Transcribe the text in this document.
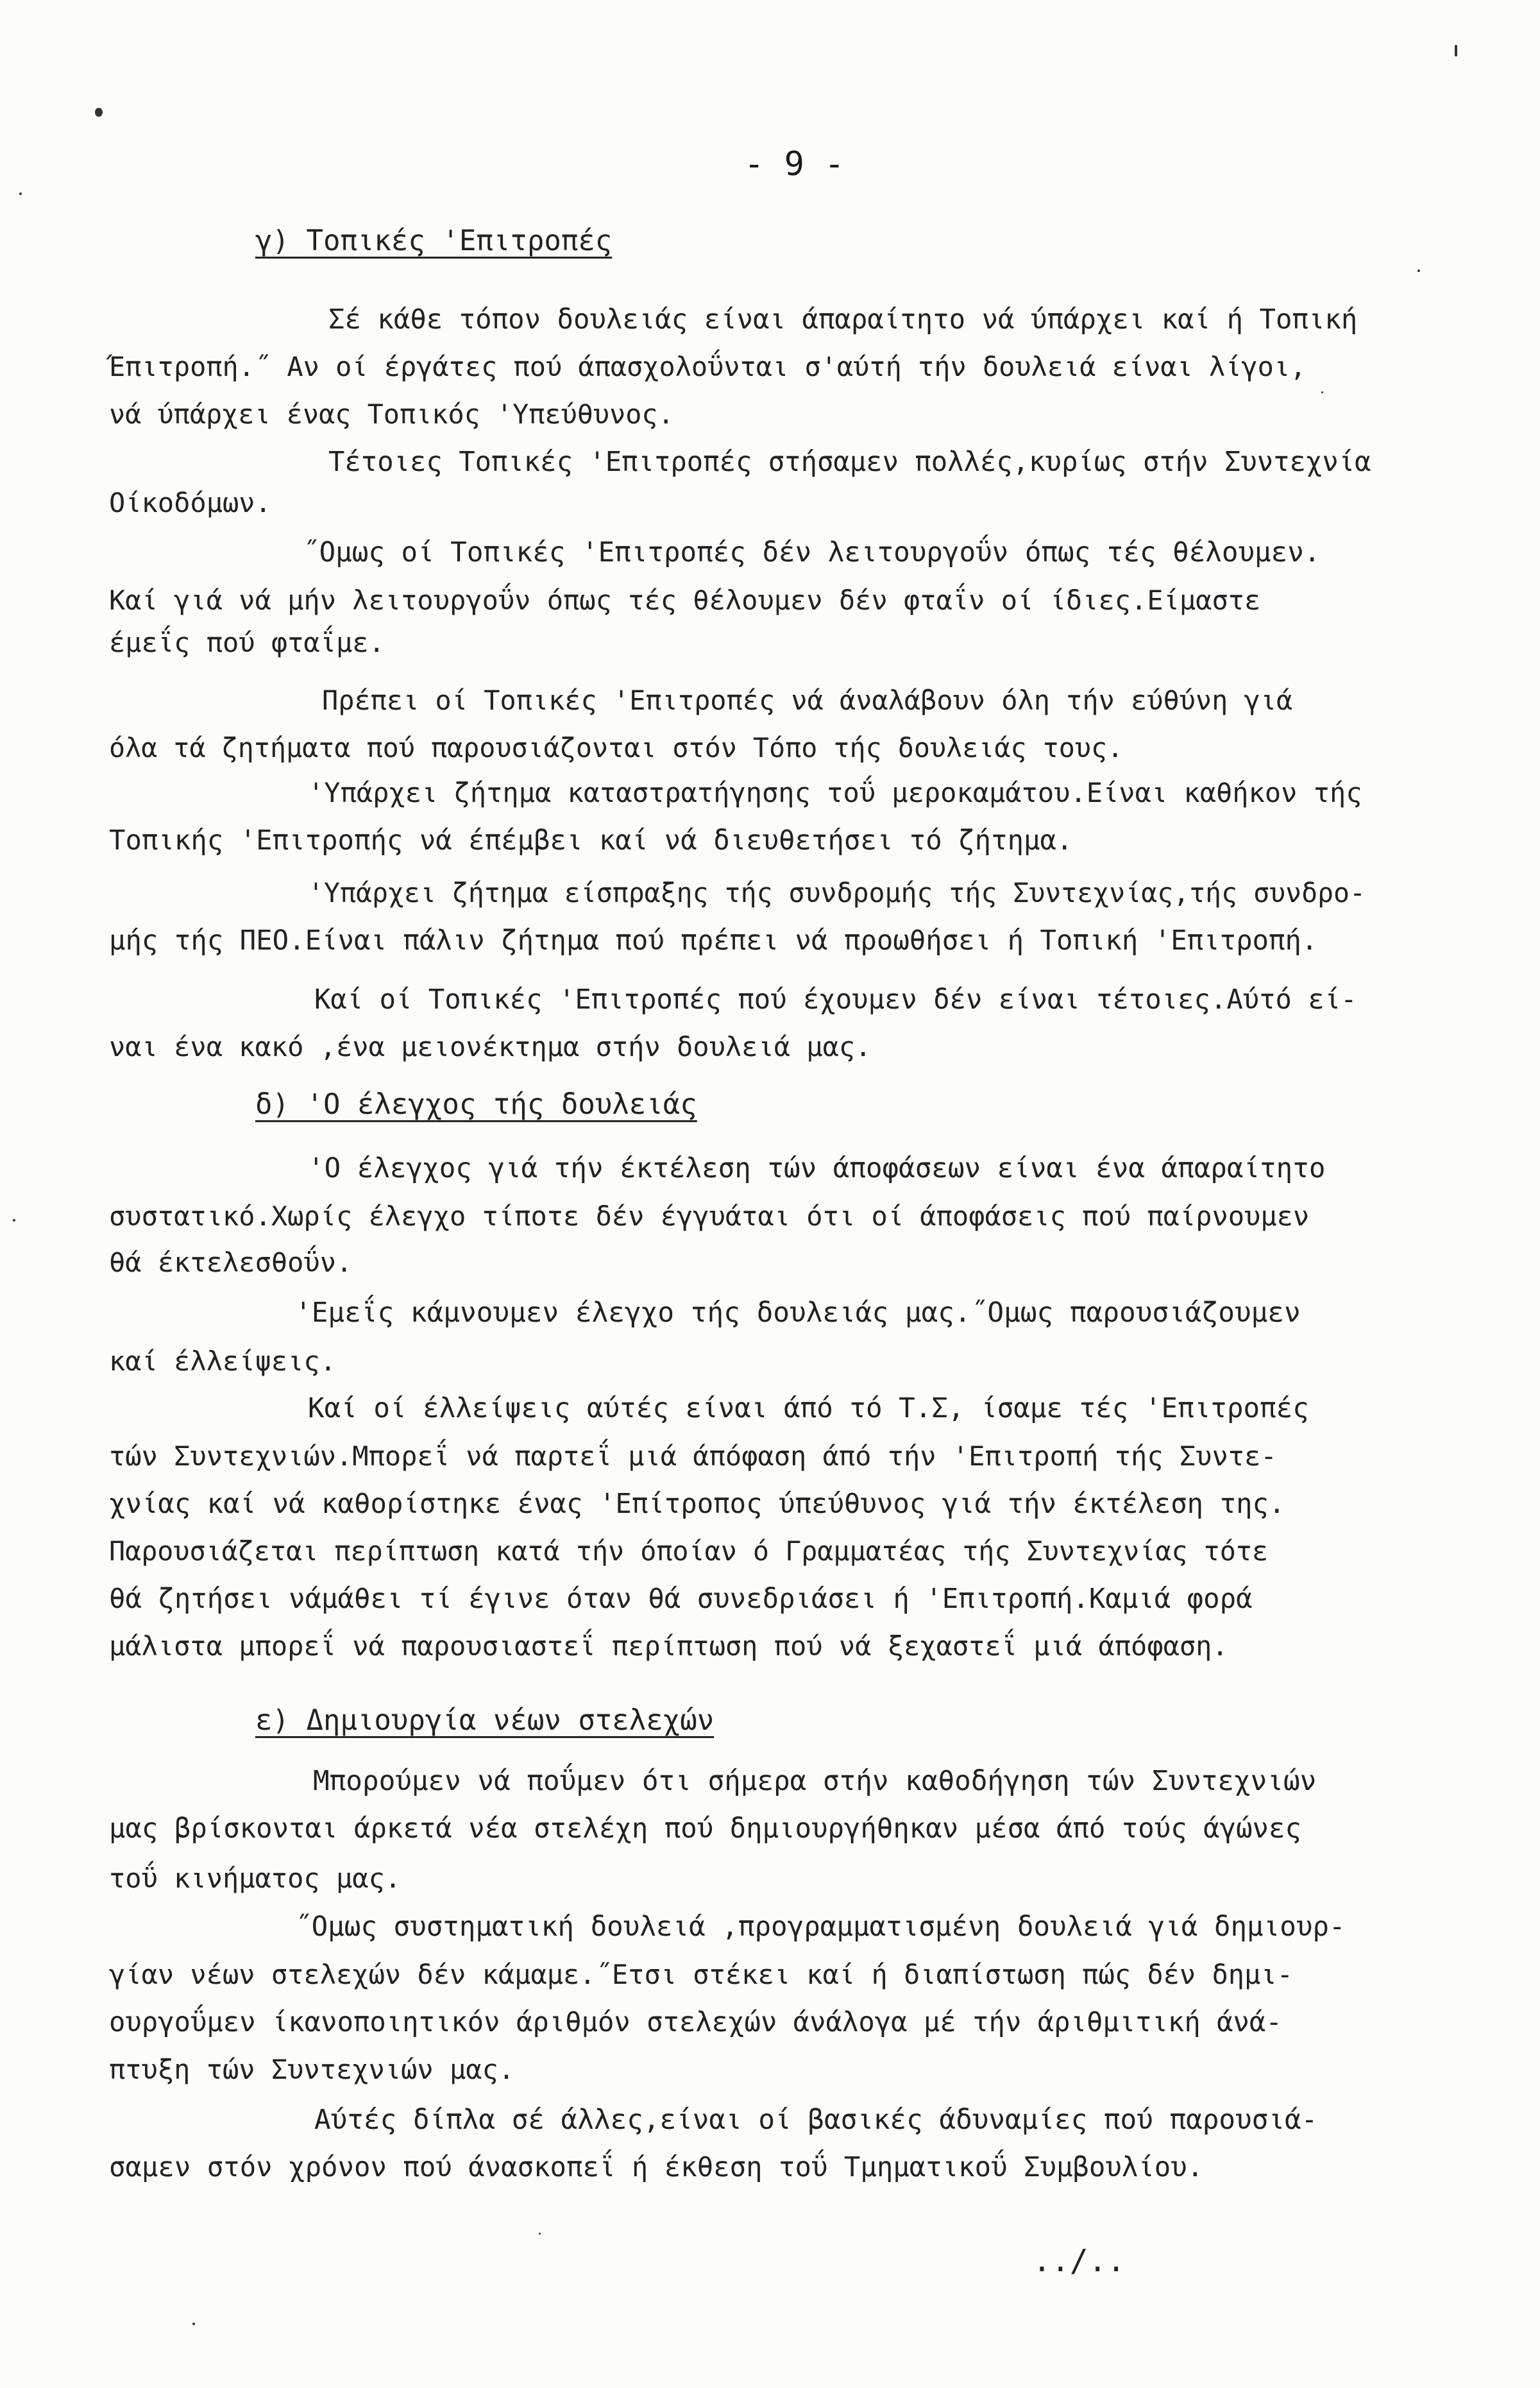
- 9 -
γ) Τοπικές 'Επιτροπές
Σέ κάθε τόπον δουλειάς είναι άπαραίτητο νά ύπάρχει καί ή Τοπική
Έπιτροπή.˝ Αν οί έργάτες πού άπασχολοΰνται σ'αύτή τήν δουλειά είναι λίγοι,
νά ύπάρχει ένας Τοπικός 'Υπεύθυνος.
Τέτοιες Τοπικές 'Επιτροπές στήσαμεν πολλές,κυρίως στήν Συντεχνία
Οίκοδόμων.
˝Ομως οί Τοπικές 'Επιτροπές δέν λειτουργοΰν όπως τές θέλουμεν.
Καί γιά νά μήν λειτουργοΰν όπως τές θέλουμεν δέν φταΐν οί ίδιες.Είμαστε
έμεΐς πού φταΐμε.
Πρέπει οί Τοπικές 'Επιτροπές νά άναλάβουν όλη τήν εύθύνη γιά
όλα τά ζητήματα πού παρουσιάζονται στόν Τόπο τής δουλειάς τους.
'Υπάρχει ζήτημα καταστρατήγησης τοΰ μεροκαμάτου.Είναι καθήκον τής
Τοπικής 'Επιτροπής νά έπέμβει καί νά διευθετήσει τό ζήτημα.
'Υπάρχει ζήτημα είσπραξης τής συνδρομής τής Συντεχνίας,τής συνδρο-
μής τής ΠΕΟ.Είναι πάλιν ζήτημα πού πρέπει νά προωθήσει ή Τοπική 'Επιτροπή.
Καί οί Τοπικές 'Επιτροπές πού έχουμεν δέν είναι τέτοιες.Αύτό εί-
ναι ένα κακό ,ένα μειονέκτημα στήν δουλειά μας.
δ) 'Ο έλεγχος τής δουλειάς
'Ο έλεγχος γιά τήν έκτέλεση τών άποφάσεων είναι ένα άπαραίτητο
συστατικό.Χωρίς έλεγχο τίποτε δέν έγγυάται ότι οί άποφάσεις πού παίρνουμεν
θά έκτελεσθοΰν.
'Εμεΐς κάμνουμεν έλεγχο τής δουλειάς μας.˝Ομως παρουσιάζουμεν
καί έλλείψεις.
Καί οί έλλείψεις αύτές είναι άπό τό Τ.Σ, ίσαμε τές 'Επιτροπές
τών Συντεχνιών.Μπορεΐ νά παρτεΐ μιά άπόφαση άπό τήν 'Επιτροπή τής Συντε-
χνίας καί νά καθορίστηκε ένας 'Επίτροπος ύπεύθυνος γιά τήν έκτέλεση της.
Παρουσιάζεται περίπτωση κατά τήν όποίαν ό Γραμματέας τής Συντεχνίας τότε
θά ζητήσει νάμάθει τί έγινε όταν θά συνεδριάσει ή 'Επιτροπή.Καμιά φορά
μάλιστα μπορεΐ νά παρουσιαστεΐ περίπτωση πού νά ξεχαστεΐ μιά άπόφαση.
ε) Δημιουργία νέων στελεχών
Μπορούμεν νά ποΰμεν ότι σήμερα στήν καθοδήγηση τών Συντεχνιών
μας βρίσκονται άρκετά νέα στελέχη πού δημιουργήθηκαν μέσα άπό τούς άγώνες
τοΰ κινήματος μας.
˝Ομως συστηματική δουλειά ,προγραμματισμένη δουλειά γιά δημιουρ-
γίαν νέων στελεχών δέν κάμαμε.˝Ετσι στέκει καί ή διαπίστωση πώς δέν δημι-
ουργοΰμεν ίκανοποιητικόν άριθμόν στελεχών άνάλογα μέ τήν άριθμιτική άνά-
πτυξη τών Συντεχνιών μας.
Αύτές δίπλα σέ άλλες,είναι οί βασικές άδυναμίες πού παρουσιά-
σαμεν στόν χρόνον πού άνασκοπεΐ ή έκθεση τοΰ Τμηματικοΰ Συμβουλίου.
../..
